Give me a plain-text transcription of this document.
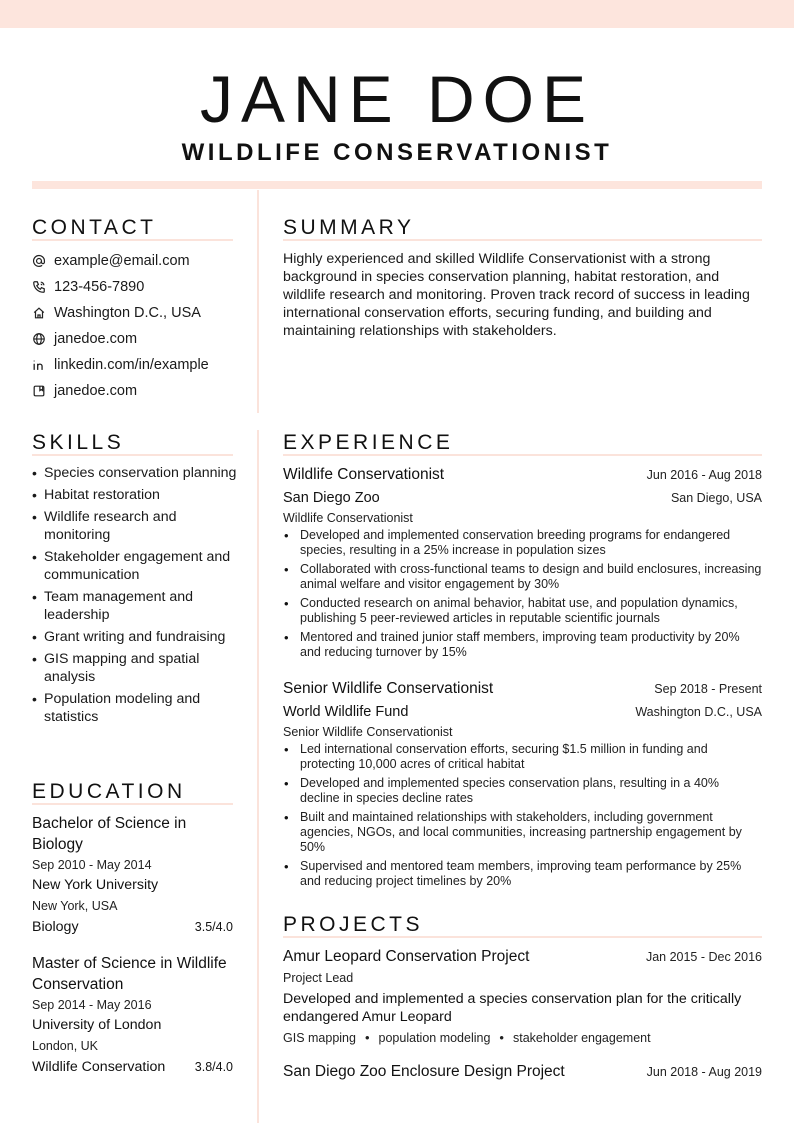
JANE DOE
WILDLIFE CONSERVATIONIST
CONTACT
example@email.com
123-456-7890
Washington D.C., USA
janedoe.com
linkedin.com/in/example
janedoe.com
SUMMARY

Highly experienced and skilled Wildlife Conservationist with a strong background in species conservation planning, habitat restoration, and wildlife research and monitoring. Proven track record of success in leading international conservation efforts, securing funding, and building and maintaining relationships with stakeholders.

SKILLS
• Species conservation planning
• Habitat restoration
• Wildlife research and monitoring
• Stakeholder engagement and communication
• Team management and leadership
• Grant writing and fundraising
• GIS mapping and spatial analysis
• Population modeling and statistics
EDUCATION
Bachelor of Science in Biology
Sep 2010 - May 2014
New York University
New York, USA
Biology	3.5/4.0
Master of Science in Wildlife Conservation
Sep 2014 - May 2016
University of London
London, UK
Wildlife Conservation 3.8/4.0
EXPERIENCE
Wildlife Conservationist	Jun 2016 - Aug 2018
San Diego Zoo	San Diego, USA
Wildlife Conservationist
• Developed and implemented conservation breeding programs for endangered species, resulting in a 25% increase in population sizes
• Collaborated with cross-functional teams to design and build enclosures, increasing animal welfare and visitor engagement by 30%
• Conducted research on animal behavior, habitat use, and population dynamics, publishing 5 peer-reviewed articles in reputable scientific journals
• Mentored and trained junior staff members, improving team productivity by 20% and reducing turnover by 15%
Senior Wildlife Conservationist	Sep 2018 - Present
World Wildlife Fund	Washington D.C., USA
Senior Wildlife Conservationist
• Led international conservation efforts, securing $1.5 million in funding and protecting 10,000 acres of critical habitat
• Developed and implemented species conservation plans, resulting in a 40% decline in species decline rates
• Built and maintained relationships with stakeholders, including government agencies, NGOs, and local communities, increasing partnership engagement by 50%
• Supervised and mentored team members, improving team performance by 25% and reducing project timelines by 20%
PROJECTS
Amur Leopard Conservation Project	Jan 2015 - Dec 2016
Project Lead
Developed and implemented a species conservation plan for the critically endangered Amur Leopard
GIS mapping • population modeling • stakeholder engagement
San Diego Zoo Enclosure Design Project	Jun 2018 - Aug 2019
